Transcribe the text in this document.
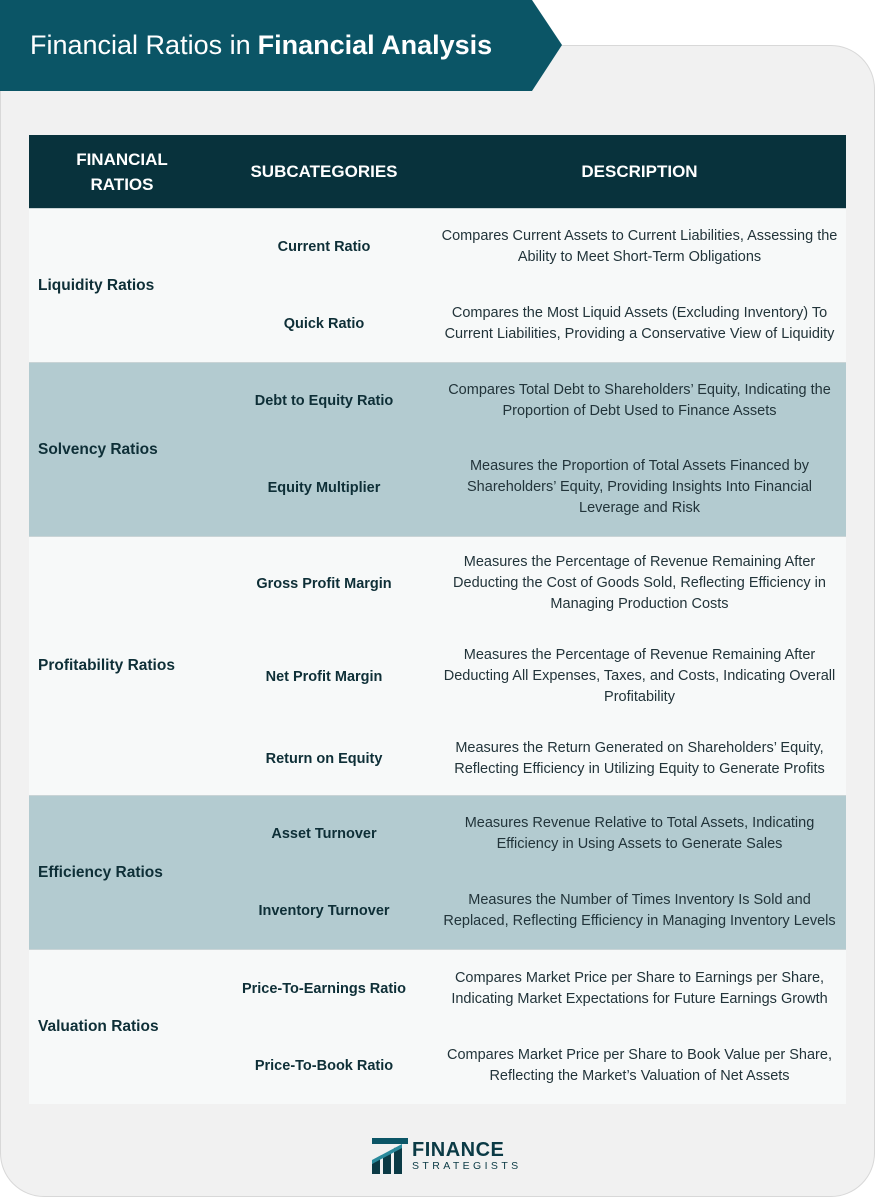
Financial Ratios in Financial Analysis
FINANCIAL RATIOS
SUBCATEGORIES	DESCRIPTION
Liquidity Ratios
Current Ratio
Compares Current Assets to Current Liabilities, Assessing the Ability to Meet Short-Term Obligations
Quick Ratio
Compares the Most Liquid Assets (Excluding Inventory) To Current Liabilities, Providing a Conservative View of Liquidity
Solvency Ratios
Debt to Equity Ratio
Compares Total Debt to Shareholders’ Equity, Indicating the Proportion of Debt Used to Finance Assets
Equity Multiplier
Measures the Proportion of Total Assets Financed by Shareholders’ Equity, Providing Insights Into Financial Leverage and Risk
Profitability Ratios
Gross Profit Margin
Measures the Percentage of Revenue Remaining After Deducting the Cost of Goods Sold, Reflecting Efficiency in Managing Production Costs
Net Profit Margin
Measures the Percentage of Revenue Remaining After Deducting All Expenses, Taxes, and Costs, Indicating Overall Profitability
Return on Equity
Measures the Return Generated on Shareholders’ Equity, Reflecting Efficiency in Utilizing Equity to Generate Profits
Efficiency Ratios
Asset Turnover
Measures Revenue Relative to Total Assets, Indicating Efficiency in Using Assets to Generate Sales
Inventory Turnover
Measures the Number of Times Inventory Is Sold and Replaced, Reflecting Efficiency in Managing Inventory Levels
Valuation Ratios
Price-To-Earnings Ratio
Compares Market Price per Share to Earnings per Share, Indicating Market Expectations for Future Earnings Growth
Price-To-Book Ratio
Compares Market Price per Share to Book Value per Share, Reflecting the Market’s Valuation of Net Assets
FINANCE
STRATEGISTS
